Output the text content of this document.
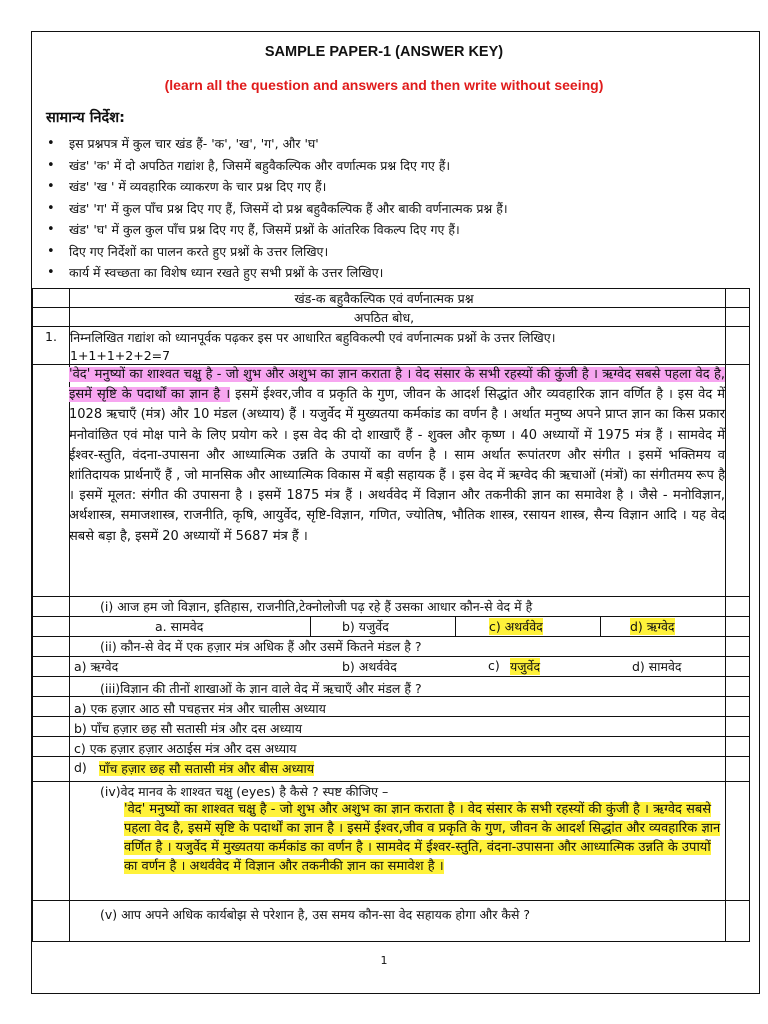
SAMPLE PAPER-1 (ANSWER KEY)
(learn all the question and answers and then write without seeing)
सामान्य निर्देश:
• इस प्रश्नपत्र में कुल चार खंड हैं- 'क', 'ख', 'ग', और 'घ'
• खंड' 'क' में दो अपठित गद्यांश है, जिसमें बहुवैकल्पिक और वर्णात्मक प्रश्न दिए गए हैं।
• खंड' 'ख ' में व्यवहारिक व्याकरण के चार प्रश्न दिए गए हैं।
• खंड' 'ग' में कुल पाँच प्रश्न दिए गए हैं, जिसमें दो प्रश्न बहुवैकल्पिक हैं और बाकी वर्णनात्मक प्रश्न हैं।
• खंड' 'घ' में कुल कुल पाँच प्रश्न दिए गए हैं, जिसमें प्रश्नों के आंतरिक विकल्प दिए गए हैं।
• दिए गए निर्देशों का पालन करते हुए प्रश्नों के उत्तर लिखिए।
• कार्य में स्वच्छता का विशेष ध्यान रखते हुए सभी प्रश्नों के उत्तर लिखिए।
खंड-क बहुवैकल्पिक एवं वर्णनात्मक प्रश्न
अपठित बोध,
1. निम्नलिखित गद्यांश को ध्यानपूर्वक पढ़कर इस पर आधारित बहुविकल्पी एवं वर्णनात्मक प्रश्नों के उत्तर लिखिए।
1+1+1+2+2=7
'वेद' मनुष्यों का शाश्वत चक्षु है - जो शुभ और अशुभ का ज्ञान कराता है । वेद संसार के सभी रहस्यों की कुंजी है । ऋग्वेद सबसे पहला वेद है, इसमें सृष्टि के पदार्थों का ज्ञान है । इसमें ईश्वर,जीव व प्रकृति के गुण, जीवन के आदर्श सिद्धांत और व्यवहारिक ज्ञान वर्णित है । इस वेद में 1028 ऋचाएँ (मंत्र) और 10 मंडल (अध्याय) हैं । यजुर्वेद में मुख्यतया कर्मकांड का वर्णन है । अर्थात मनुष्य अपने प्राप्त ज्ञान का किस प्रकार मनोवांछित एवं मोक्ष पाने के लिए प्रयोग करे । इस वेद की दो शाखाएँ हैं - शुक्ल और कृष्ण । 40 अध्यायों में 1975 मंत्र हैं । सामवेद में ईश्वर-स्तुति, वंदना-उपासना और आध्यात्मिक उन्नति के उपायों का वर्णन है । साम अर्थात रूपांतरण और संगीत । इसमें भक्तिमय व शांतिदायक प्रार्थनाएँ हैं , जो मानसिक और आध्यात्मिक विकास में बड़ी सहायक हैं । इस वेद में ऋग्वेद की ऋचाओं (मंत्रों) का संगीतमय रूप है । इसमें मूलत: संगीत की उपासना है । इसमें 1875 मंत्र हैं । अथर्ववेद में विज्ञान और तकनीकी ज्ञान का समावेश है । जैसे - मनोविज्ञान, अर्थशास्त्र, समाजशास्त्र, राजनीति, कृषि, आयुर्वेद, सृष्टि-विज्ञान, गणित, ज्योतिष, भौतिक शास्त्र, रसायन शास्त्र, सैन्य विज्ञान आदि । यह वेद सबसे बड़ा है, इसमें 20 अध्यायों में 5687 मंत्र हैं ।
(i) आज हम जो विज्ञान, इतिहास, राजनीति,टेक्नोलोजी पढ़ रहे हैं उसका आधार कौन-से वेद में है
a. सामवेद	b) यजुर्वेद	c) अथर्ववेद	d) ऋग्वेद
(ii) कौन-से वेद में एक हज़ार मंत्र अधिक हैं और उसमें कितने मंडल है ?
a) ऋग्वेद	b) अथर्ववेद	c) यजुर्वेद	d) सामवेद
(iii)विज्ञान की तीनों शाखाओं के ज्ञान वाले वेद में ऋचाएँ और मंडल हैं ?
a) एक हज़ार आठ सौ पचहत्तर मंत्र और चालीस अध्याय
b) पाँच हज़ार छह सौ सतासी मंत्र और दस अध्याय
c) एक हज़ार हज़ार अठाईस मंत्र और दस अध्याय
d) पाँच हज़ार छह सौ सतासी मंत्र और बीस अध्याय
(iv)वेद मानव के शाश्वत चक्षु (eyes) है कैसे ? स्पष्ट कीजिए –
'वेद' मनुष्यों का शाश्वत चक्षु है - जो शुभ और अशुभ का ज्ञान कराता है । वेद संसार के सभी रहस्यों की कुंजी है । ऋग्वेद सबसे पहला वेद है, इसमें सृष्टि के पदार्थों का ज्ञान है । इसमें ईश्वर,जीव व प्रकृति के गुण, जीवन के आदर्श सिद्धांत और व्यवहारिक ज्ञान वर्णित है । यजुर्वेद में मुख्यतया कर्मकांड का वर्णन है । सामवेद में ईश्वर-स्तुति, वंदना-उपासना और आध्यात्मिक उन्नति के उपायों का वर्णन है । अथर्ववेद में विज्ञान और तकनीकी ज्ञान का समावेश है ।
(v) आप अपने अधिक कार्यबोझ से परेशान है, उस समय कौन-सा वेद सहायक होगा और कैसे ?
1
